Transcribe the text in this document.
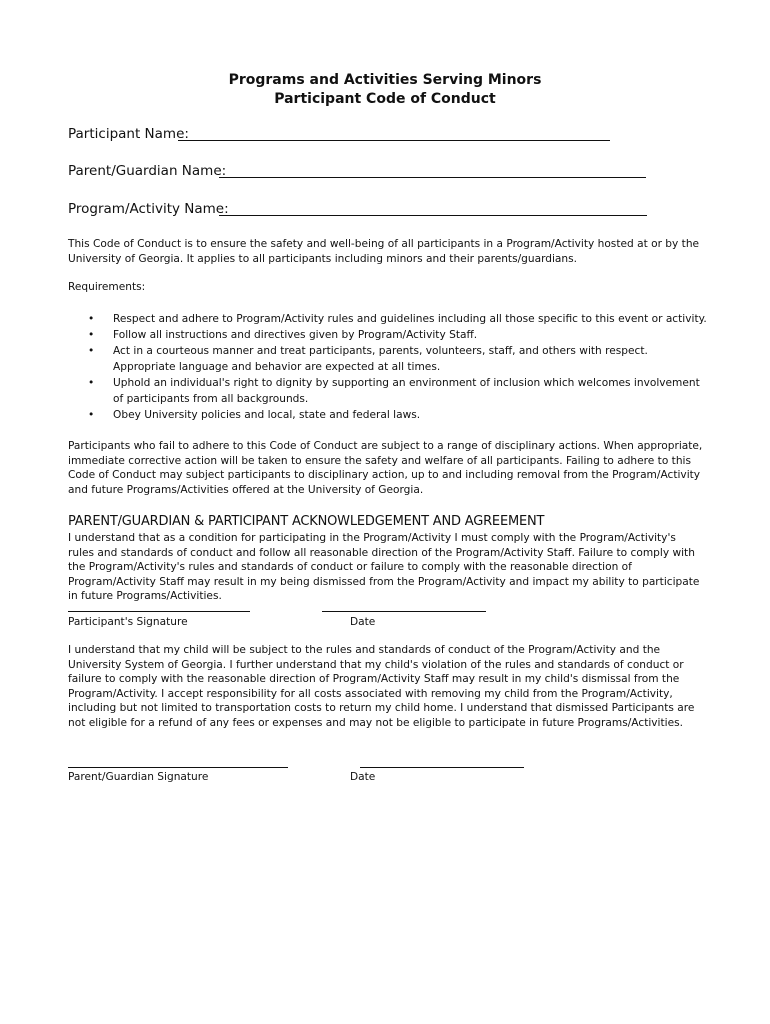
Programs and Activities Serving Minors
Participant Code of Conduct
Participant Name:
Parent/Guardian Name:
Program/Activity Name:
This Code of Conduct is to ensure the safety and well-being of all participants in a Program/Activity hosted at or by the University of Georgia. It applies to all participants including minors and their parents/guardians.
Requirements:
• Respect and adhere to Program/Activity rules and guidelines including all those specific to this event or activity.
• Follow all instructions and directives given by Program/Activity Staff.
• Act in a courteous manner and treat participants, parents, volunteers, staff, and others with respect. Appropriate language and behavior are expected at all times.
• Uphold an individual's right to dignity by supporting an environment of inclusion which welcomes involvement of participants from all backgrounds.
• Obey University policies and local, state and federal laws.
Participants who fail to adhere to this Code of Conduct are subject to a range of disciplinary actions. When appropriate, immediate corrective action will be taken to ensure the safety and welfare of all participants. Failing to adhere to this Code of Conduct may subject participants to disciplinary action, up to and including removal from the Program/Activity and future Programs/Activities offered at the University of Georgia.
PARENT/GUARDIAN & PARTICIPANT ACKNOWLEDGEMENT AND AGREEMENT
I understand that as a condition for participating in the Program/Activity I must comply with the Program/Activity's rules and standards of conduct and follow all reasonable direction of the Program/Activity Staff. Failure to comply with the Program/Activity's rules and standards of conduct or failure to comply with the reasonable direction of Program/Activity Staff may result in my being dismissed from the Program/Activity and impact my ability to participate in future Programs/Activities.
Participant's Signature	Date
I understand that my child will be subject to the rules and standards of conduct of the Program/Activity and the University System of Georgia. I further understand that my child's violation of the rules and standards of conduct or failure to comply with the reasonable direction of Program/Activity Staff may result in my child's dismissal from the Program/Activity. I accept responsibility for all costs associated with removing my child from the Program/Activity, including but not limited to transportation costs to return my child home. I understand that dismissed Participants are not eligible for a refund of any fees or expenses and may not be eligible to participate in future Programs/Activities.
Parent/Guardian Signature	Date
